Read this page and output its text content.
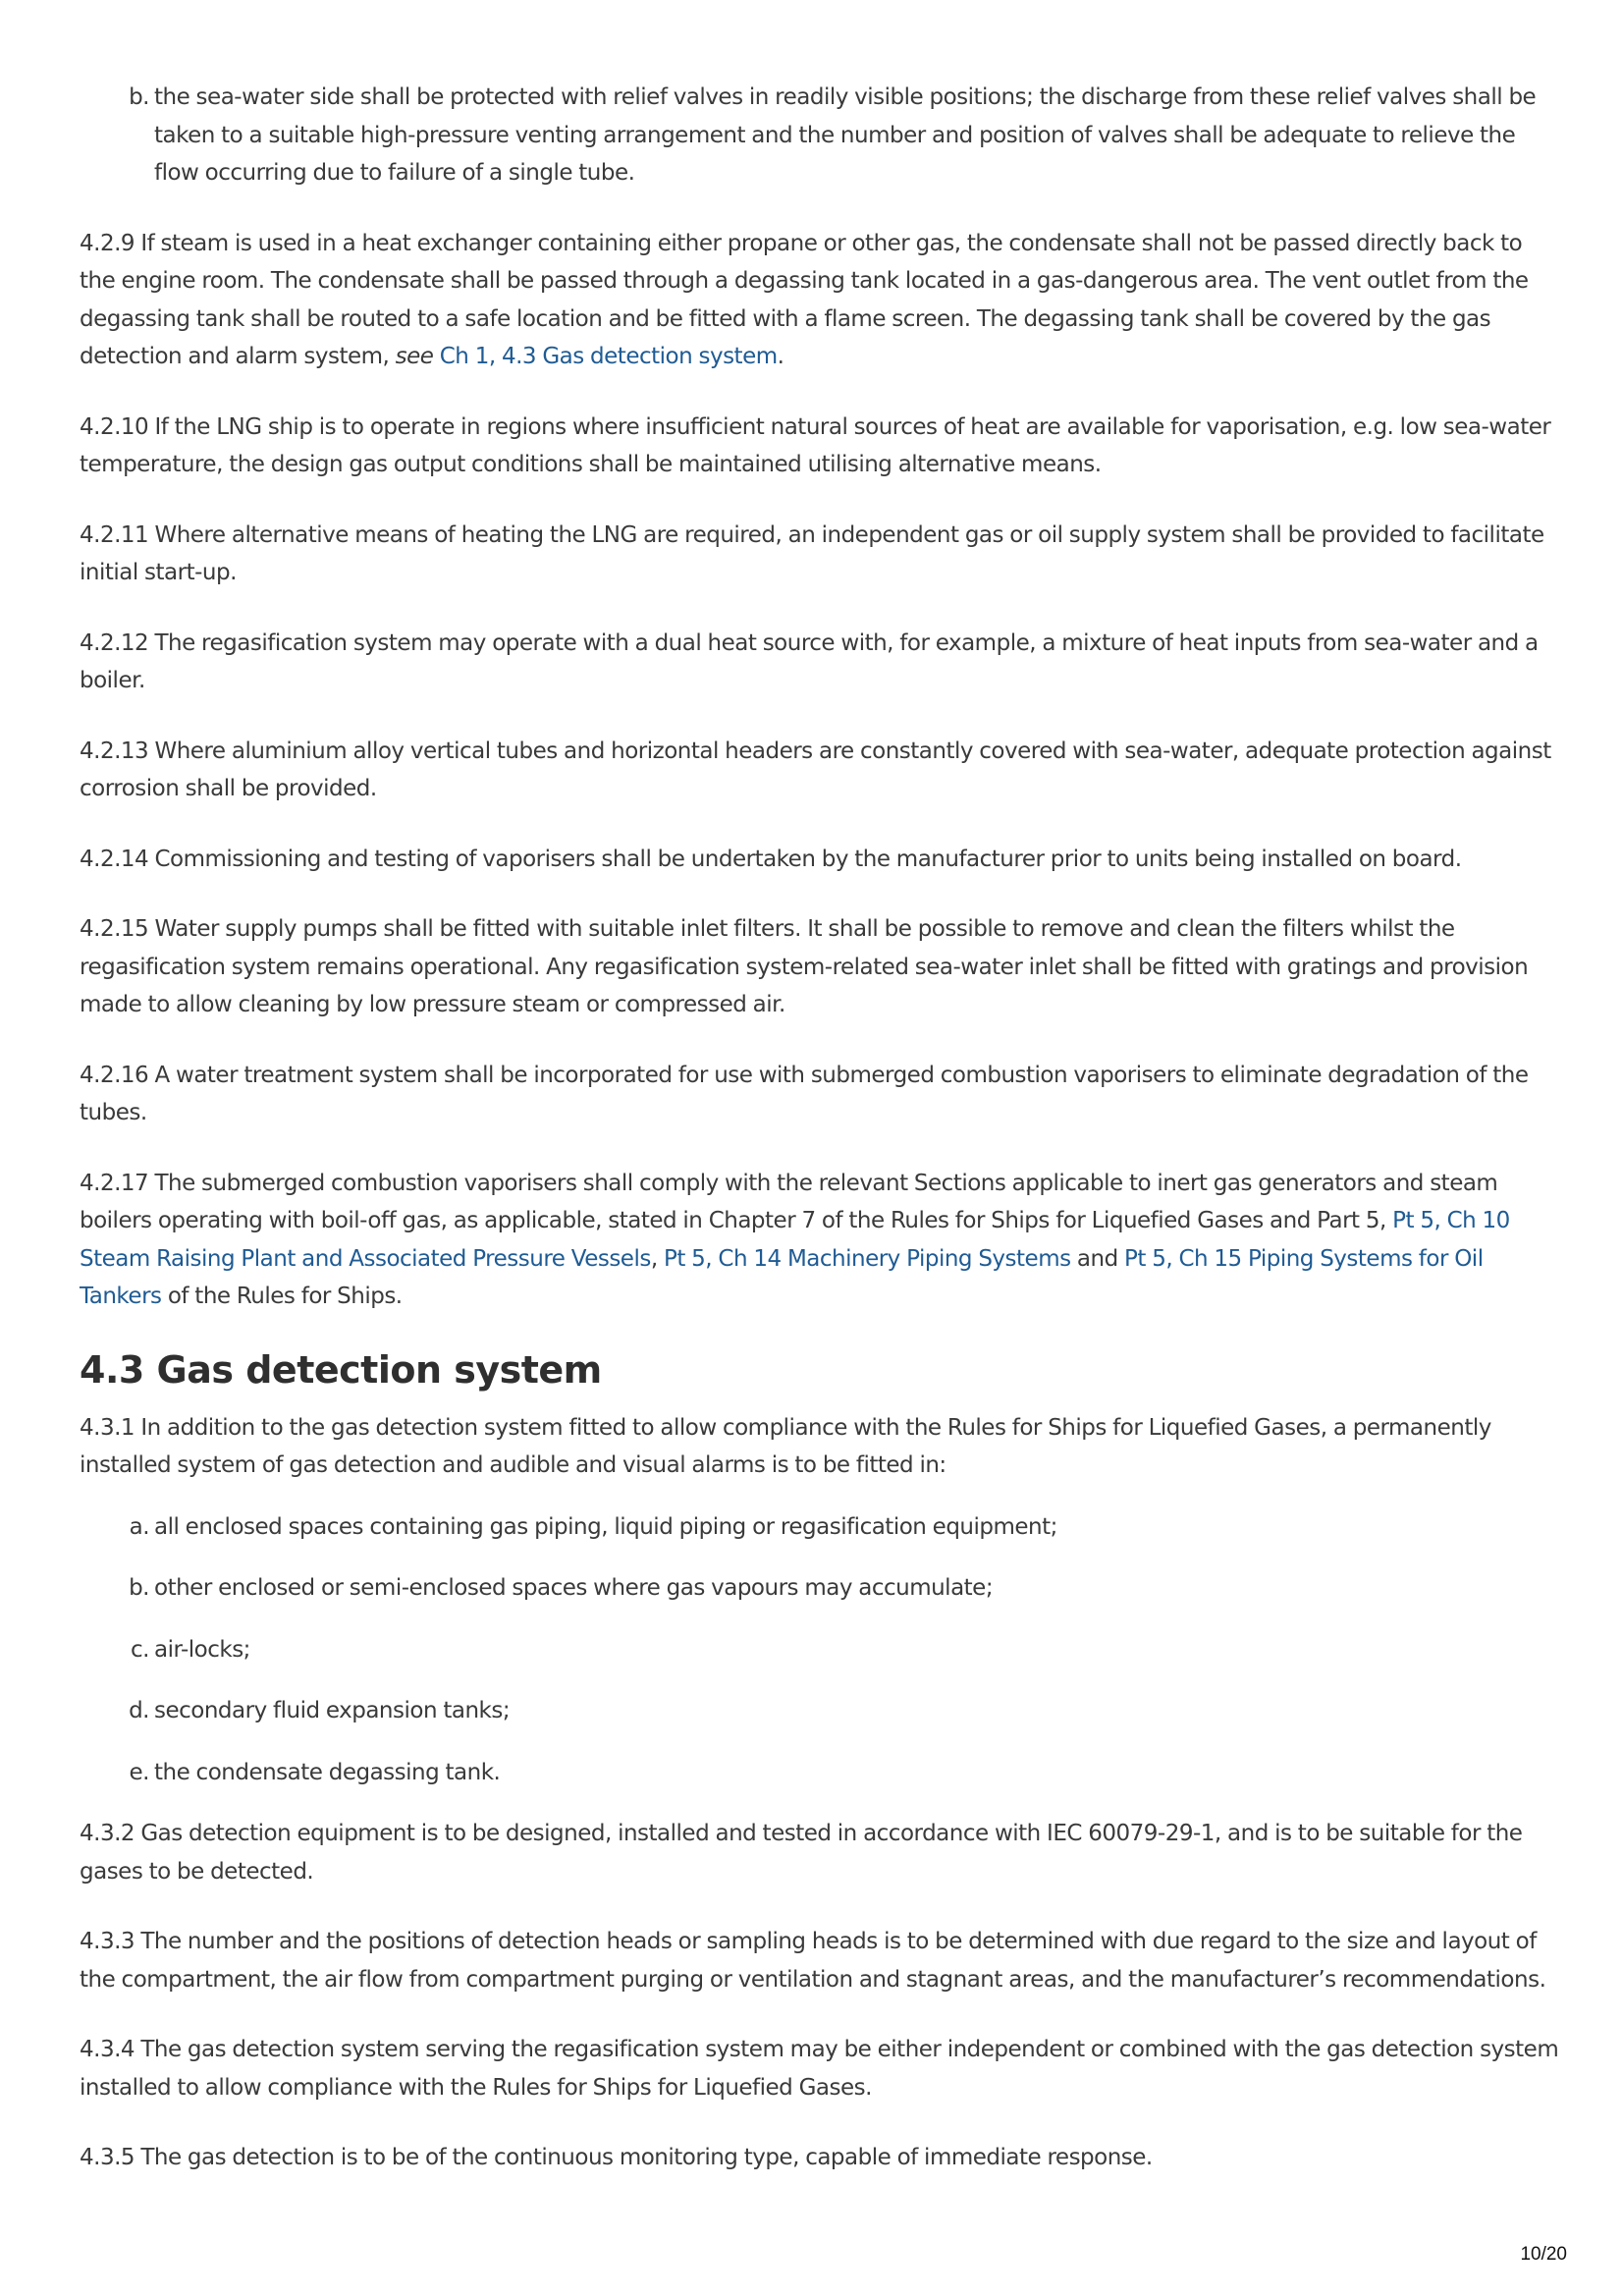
b. the sea-water side shall be protected with relief valves in readily visible positions; the discharge from these relief valves shall be taken to a suitable high-pressure venting arrangement and the number and position of valves shall be adequate to relieve the flow occurring due to failure of a single tube.

4.2.9 If steam is used in a heat exchanger containing either propane or other gas, the condensate shall not be passed directly back to the engine room. The condensate shall be passed through a degassing tank located in a gas-dangerous area. The vent outlet from the degassing tank shall be routed to a safe location and be fitted with a flame screen. The degassing tank shall be covered by the gas detection and alarm system, see Ch 1, 4.3 Gas detection system.

4.2.10 If the LNG ship is to operate in regions where insufficient natural sources of heat are available for vaporisation, e.g. low sea-water temperature, the design gas output conditions shall be maintained utilising alternative means.

4.2.11 Where alternative means of heating the LNG are required, an independent gas or oil supply system shall be provided to facilitate initial start-up.

4.2.12 The regasification system may operate with a dual heat source with, for example, a mixture of heat inputs from sea-water and a boiler.

4.2.13 Where aluminium alloy vertical tubes and horizontal headers are constantly covered with sea-water, adequate protection against corrosion shall be provided.

4.2.14 Commissioning and testing of vaporisers shall be undertaken by the manufacturer prior to units being installed on board.

4.2.15 Water supply pumps shall be fitted with suitable inlet filters. It shall be possible to remove and clean the filters whilst the regasification system remains operational. Any regasification system-related sea-water inlet shall be fitted with gratings and provision made to allow cleaning by low pressure steam or compressed air.

4.2.16 A water treatment system shall be incorporated for use with submerged combustion vaporisers to eliminate degradation of the tubes.

4.2.17 The submerged combustion vaporisers shall comply with the relevant Sections applicable to inert gas generators and steam boilers operating with boil-off gas, as applicable, stated in Chapter 7 of the Rules for Ships for Liquefied Gases and Part 5, Pt 5, Ch 10 Steam Raising Plant and Associated Pressure Vessels, Pt 5, Ch 14 Machinery Piping Systems and Pt 5, Ch 15 Piping Systems for Oil Tankers of the Rules for Ships.

4.3 Gas detection system

4.3.1 In addition to the gas detection system fitted to allow compliance with the Rules for Ships for Liquefied Gases, a permanently installed system of gas detection and audible and visual alarms is to be fitted in:

a. all enclosed spaces containing gas piping, liquid piping or regasification equipment;
b. other enclosed or semi-enclosed spaces where gas vapours may accumulate;
c. air-locks;
d. secondary fluid expansion tanks;
e. the condensate degassing tank.

4.3.2 Gas detection equipment is to be designed, installed and tested in accordance with IEC 60079-29-1, and is to be suitable for the gases to be detected.

4.3.3 The number and the positions of detection heads or sampling heads is to be determined with due regard to the size and layout of the compartment, the air flow from compartment purging or ventilation and stagnant areas, and the manufacturer’s recommendations.

4.3.4 The gas detection system serving the regasification system may be either independent or combined with the gas detection system installed to allow compliance with the Rules for Ships for Liquefied Gases.

4.3.5 The gas detection is to be of the continuous monitoring type, capable of immediate response.

10/20
